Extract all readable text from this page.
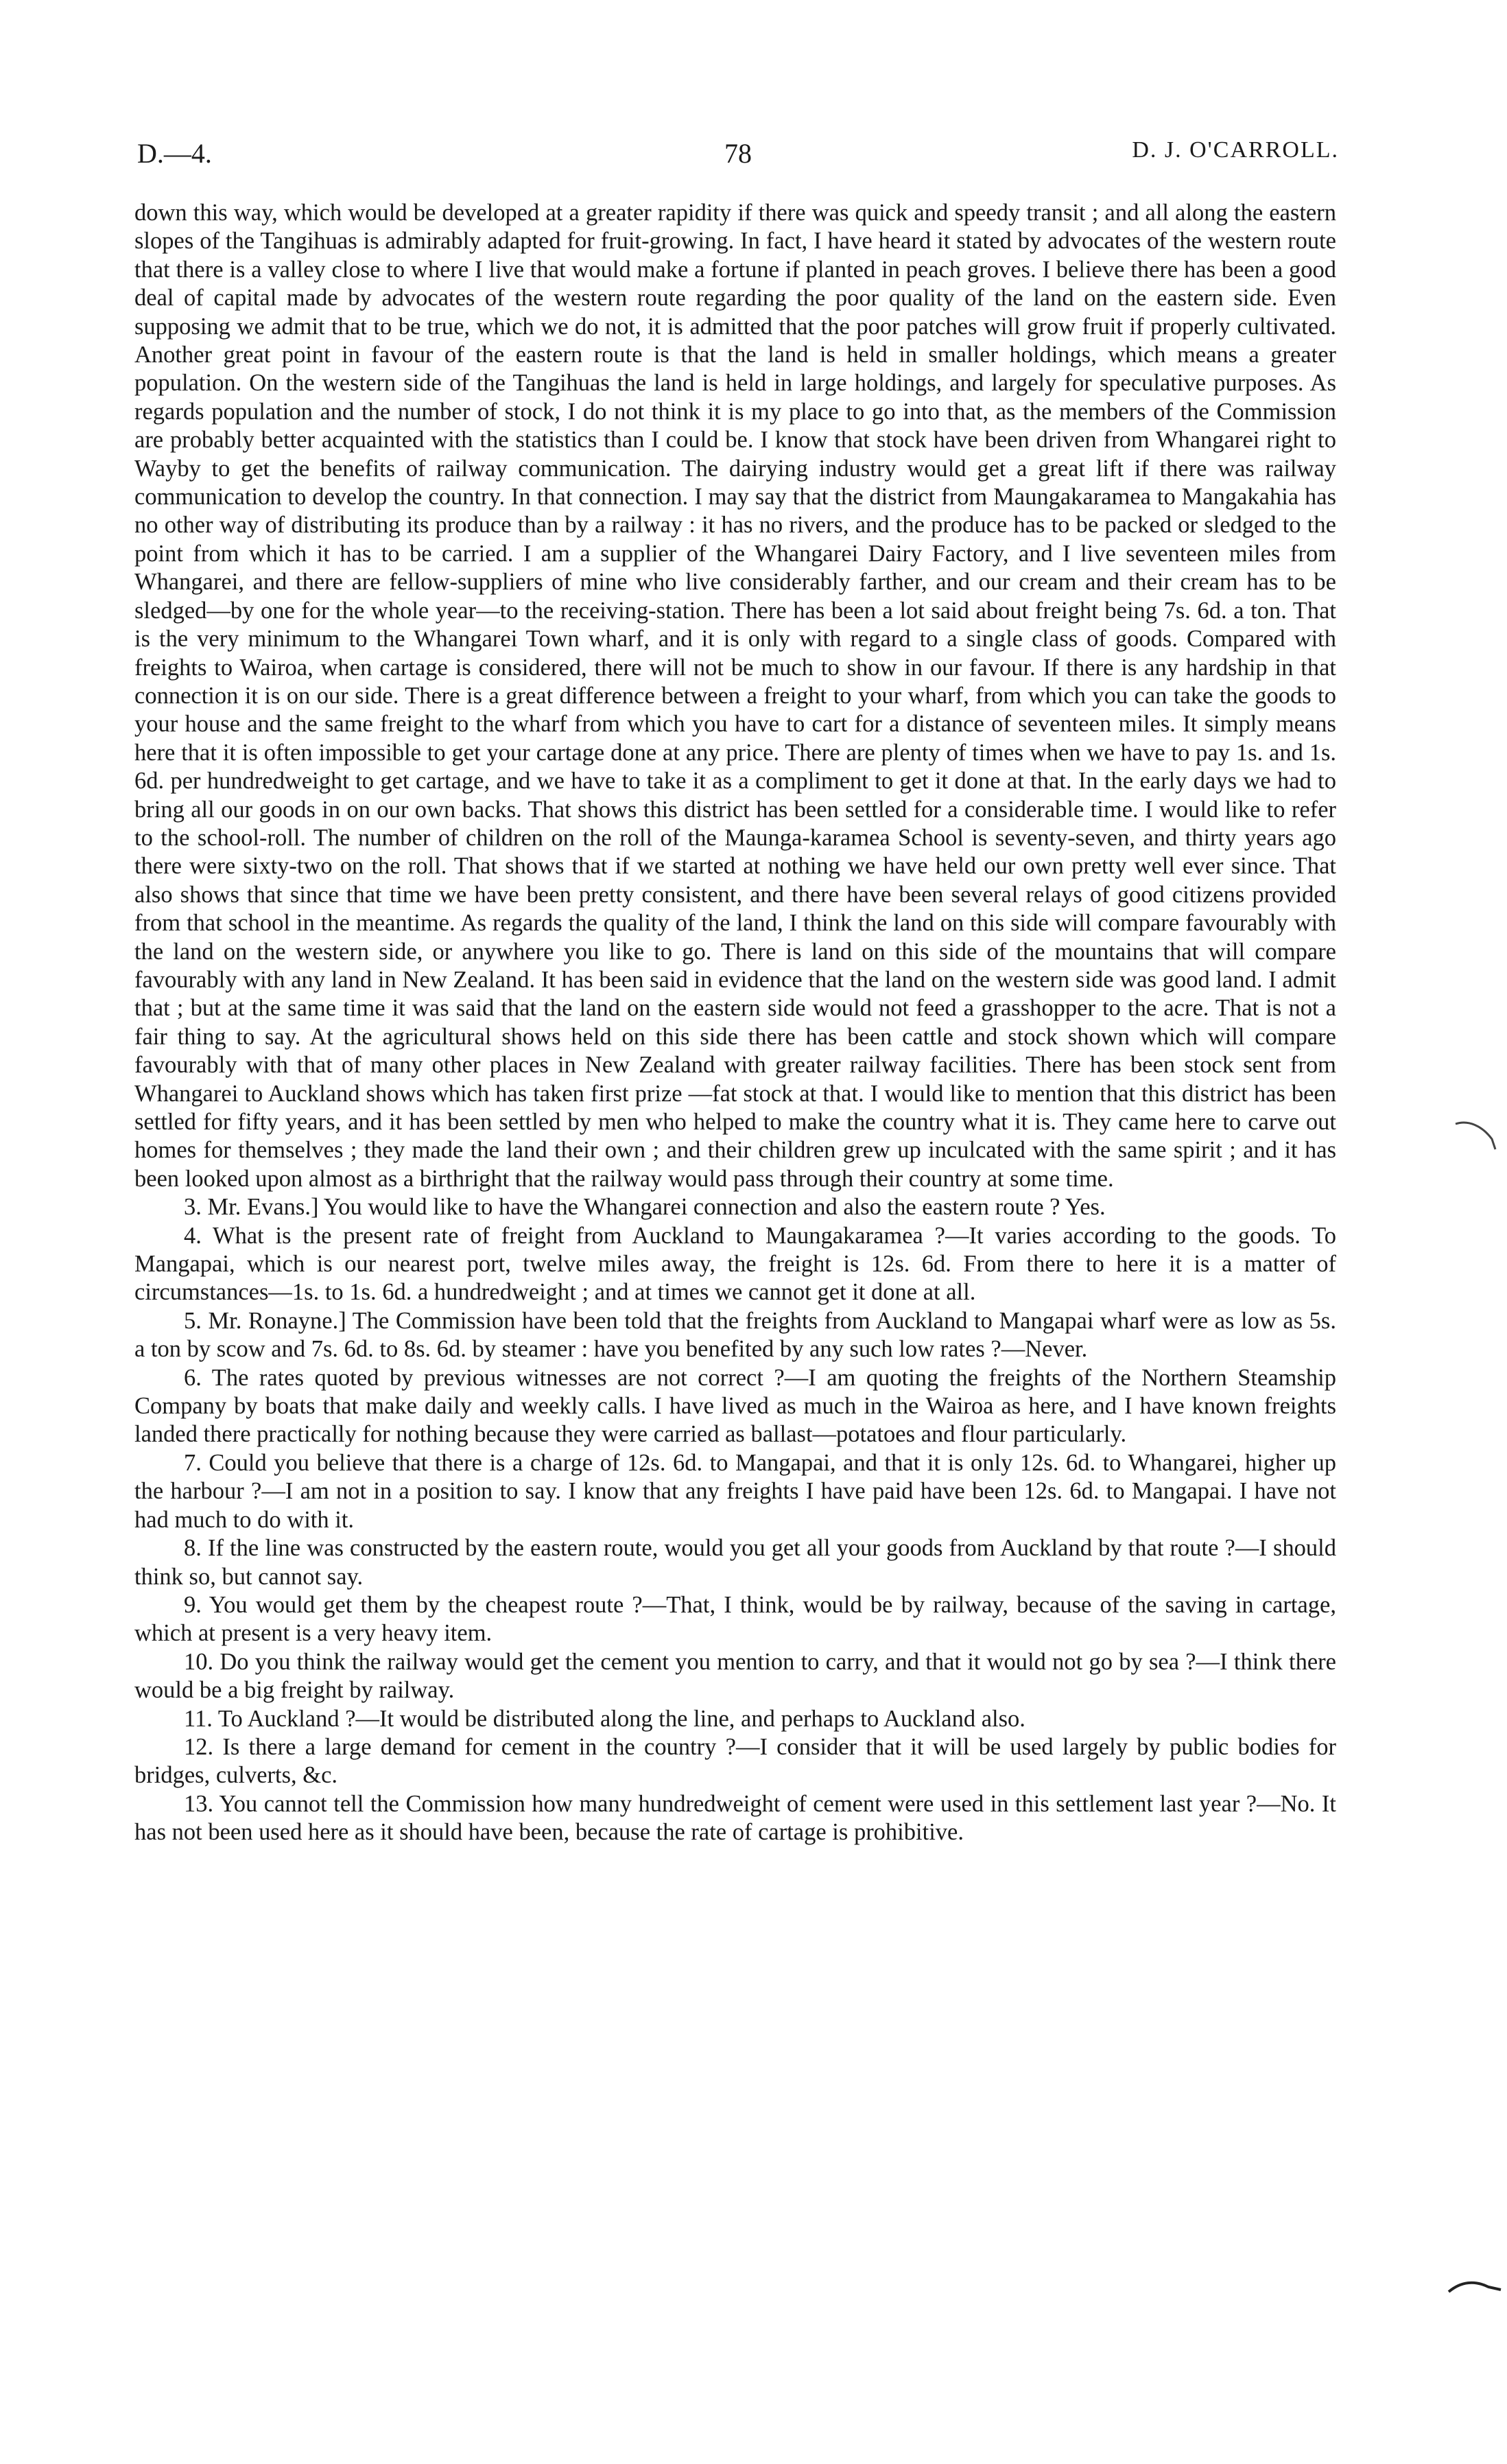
D.—4.	78	D. J. O'CARROLL.

down this way, which would be developed at a greater rapidity if there was quick and speedy transit ; and all along the eastern slopes of the Tangihuas is admirably adapted for fruit-growing. In fact, I have heard it stated by advocates of the western route that there is a valley close to where I live that would make a fortune if planted in peach groves. I believe there has been a good deal of capital made by advocates of the western route regarding the poor quality of the land on the eastern side. Even supposing we admit that to be true, which we do not, it is admitted that the poor patches will grow fruit if properly cultivated. Another great point in favour of the eastern route is that the land is held in smaller holdings, which means a greater population. On the western side of the Tangihuas the land is held in large holdings, and largely for speculative purposes. As regards population and the number of stock, I do not think it is my place to go into that, as the members of the Commission are probably better acquainted with the statistics than I could be. I know that stock have been driven from Whangarei right to Wayby to get the benefits of railway communication. The dairying industry would get a great lift if there was railway communication to develop the country. In that connection. I may say that the district from Maungakaramea to Mangakahia has no other way of distributing its produce than by a railway : it has no rivers, and the produce has to be packed or sledged to the point from which it has to be carried. I am a supplier of the Whangarei Dairy Factory, and I live seventeen miles from Whangarei, and there are fellow-suppliers of mine who live considerably farther, and our cream and their cream has to be sledged—by one for the whole year—to the receiving-station. There has been a lot said about freight being 7s. 6d. a ton. That is the very minimum to the Whangarei Town wharf, and it is only with regard to a single class of goods. Compared with freights to Wairoa, when cartage is considered, there will not be much to show in our favour. If there is any hardship in that connection it is on our side. There is a great difference between a freight to your wharf, from which you can take the goods to your house and the same freight to the wharf from which you have to cart for a distance of seventeen miles. It simply means here that it is often impossible to get your cartage done at any price. There are plenty of times when we have to pay 1s. and 1s. 6d. per hundredweight to get cartage, and we have to take it as a compliment to get it done at that. In the early days we had to bring all our goods in on our own backs. That shows this district has been settled for a considerable time. I would like to refer to the school-roll. The number of children on the roll of the Maunga-karamea School is seventy-seven, and thirty years ago there were sixty-two on the roll. That shows that if we started at nothing we have held our own pretty well ever since. That also shows that since that time we have been pretty consistent, and there have been several relays of good citizens provided from that school in the meantime. As regards the quality of the land, I think the land on this side will compare favourably with the land on the western side, or anywhere you like to go. There is land on this side of the mountains that will compare favourably with any land in New Zealand. It has been said in evidence that the land on the western side was good land. I admit that ; but at the same time it was said that the land on the eastern side would not feed a grasshopper to the acre. That is not a fair thing to say. At the agricultural shows held on this side there has been cattle and stock shown which will compare favourably with that of many other places in New Zealand with greater railway facilities. There has been stock sent from Whangarei to Auckland shows which has taken first prize —fat stock at that. I would like to mention that this district has been settled for fifty years, and it has been settled by men who helped to make the country what it is. They came here to carve out homes for themselves ; they made the land their own ; and their children grew up inculcated with the same spirit ; and it has been looked upon almost as a birthright that the railway would pass through their country at some time.

3. Mr. Evans.] You would like to have the Whangarei connection and also the eastern route ? Yes.

4. What is the present rate of freight from Auckland to Maungakaramea ?—It varies according to the goods. To Mangapai, which is our nearest port, twelve miles away, the freight is 12s. 6d. From there to here it is a matter of circumstances—1s. to 1s. 6d. a hundredweight ; and at times we cannot get it done at all.

5. Mr. Ronayne.] The Commission have been told that the freights from Auckland to Mangapai wharf were as low as 5s. a ton by scow and 7s. 6d. to 8s. 6d. by steamer : have you benefited by any such low rates ?—Never.

6. The rates quoted by previous witnesses are not correct ?—I am quoting the freights of the Northern Steamship Company by boats that make daily and weekly calls. I have lived as much in the Wairoa as here, and I have known freights landed there practically for nothing because they were carried as ballast—potatoes and flour particularly.

7. Could you believe that there is a charge of 12s. 6d. to Mangapai, and that it is only 12s. 6d. to Whangarei, higher up the harbour ?—I am not in a position to say. I know that any freights I have paid have been 12s. 6d. to Mangapai. I have not had much to do with it.

8. If the line was constructed by the eastern route, would you get all your goods from Auckland by that route ?—I should think so, but cannot say.

9. You would get them by the cheapest route ?—That, I think, would be by railway, because of the saving in cartage, which at present is a very heavy item.

10. Do you think the railway would get the cement you mention to carry, and that it would not go by sea ?—I think there would be a big freight by railway.

11. To Auckland ?—It would be distributed along the line, and perhaps to Auckland also.

12. Is there a large demand for cement in the country ?—I consider that it will be used largely by public bodies for bridges, culverts, &c.

13. You cannot tell the Commission how many hundredweight of cement were used in this settlement last year ?—No. It has not been used here as it should have been, because the rate of cartage is prohibitive.
